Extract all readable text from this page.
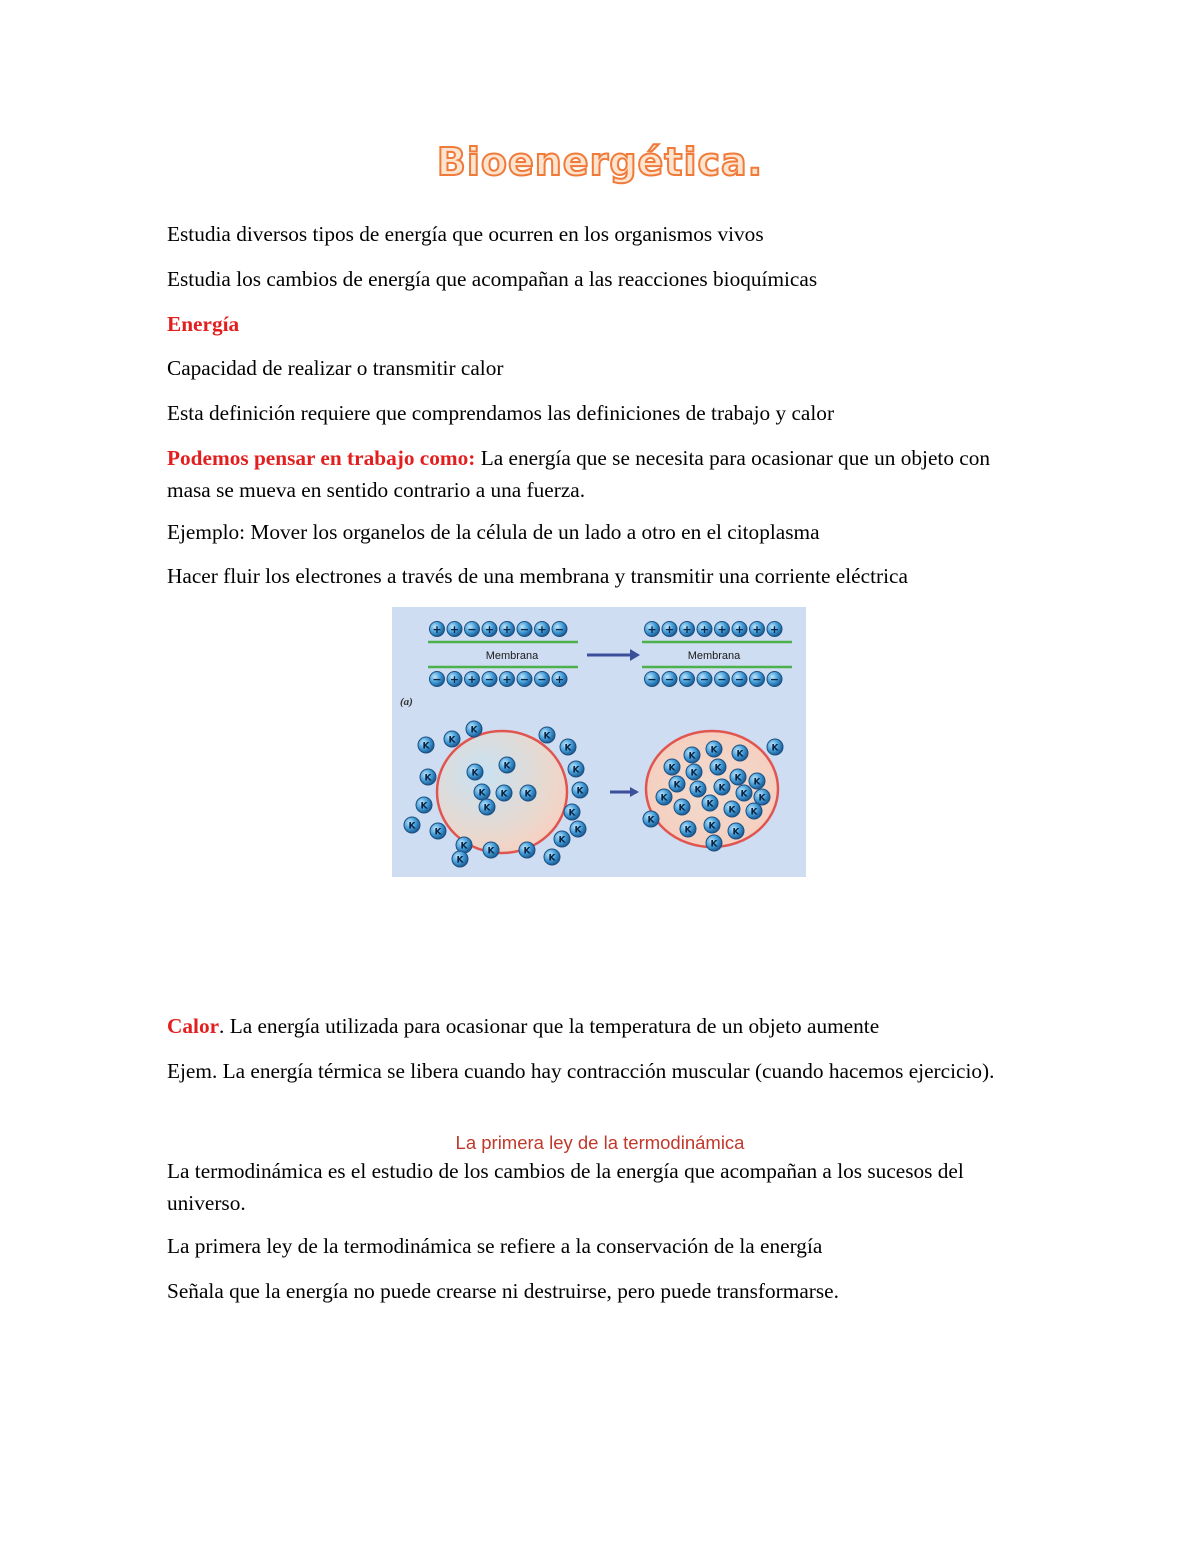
Bioenergética.

Estudia diversos tipos de energía que ocurren en los organismos vivos

Estudia los cambios de energía que acompañan a las reacciones bioquímicas

Energía

Capacidad de realizar o transmitir calor

Esta definición requiere que comprendamos las definiciones de trabajo y calor

Podemos pensar en trabajo como: La energía que se necesita para ocasionar que un objeto con masa se mueva en sentido contrario a una fuerza.

Ejemplo: Mover los organelos de la célula de un lado a otro en el citoplasma

Hacer fluir los electrones a través de una membrana y transmitir una corriente eléctrica

Membrana	Membrana
(a)
+ + − + + − + −
− + + − + − − +
+ + + + + + + +
− − − − − − − −
K
K
K
K
K
K
K
K
K
K
K
K
K K	K
K
K
K
K
K
K
K K K
K
K
K
K
K K
K K K
K K
K K K
K K
K
K K
K K
K K
K
K

Calor. La energía utilizada para ocasionar que la temperatura de un objeto aumente

Ejem. La energía térmica se libera cuando hay contracción muscular (cuando hacemos ejercicio).

La primera ley de la termodinámica

La termodinámica es el estudio de los cambios de la energía que acompañan a los sucesos del universo.

La primera ley de la termodinámica se refiere a la conservación de la energía

Señala que la energía no puede crearse ni destruirse, pero puede transformarse.
